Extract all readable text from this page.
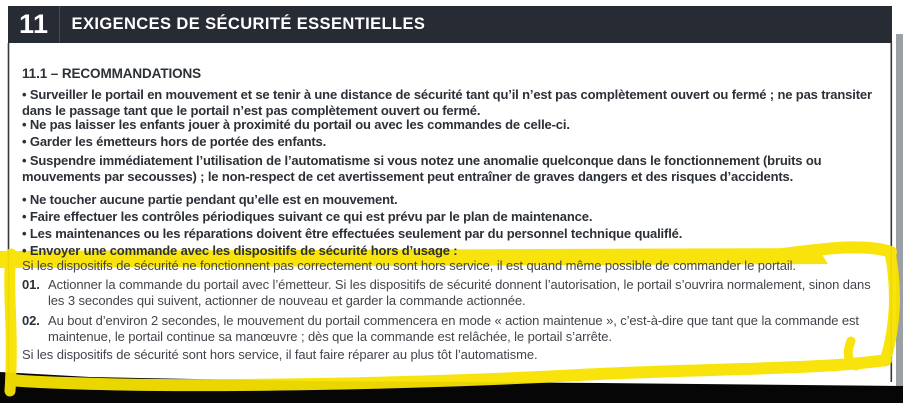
11 EXIGENCES DE SÉCURITÉ ESSENTIELLES
11.1 – RECOMMANDATIONS
• Surveiller le portail en mouvement et se tenir à une distance de sécurité tant qu’il n’est pas complètement ouvert ou fermé ; ne pas transiter dans le passage tant que le portail n’est pas complètement ouvert ou fermé.
• Ne pas laisser les enfants jouer à proximité du portail ou avec les commandes de celle-ci.
• Garder les émetteurs hors de portée des enfants.
• Suspendre immédiatement l’utilisation de l’automatisme si vous notez une anomalie quelconque dans le fonctionnement (bruits ou mouvements par secousses) ; le non-respect de cet avertissement peut entraîner de graves dangers et des risques d’accidents.
• Ne toucher aucune partie pendant qu’elle est en mouvement.
• Faire effectuer les contrôles périodiques suivant ce qui est prévu par le plan de maintenance.
• Les maintenances ou les réparations doivent être effectuées seulement par du personnel technique qualiflé.
• Envoyer une commande avec les dispositifs de sécurité hors d’usage :
Si les dispositifs de sécurité ne fonctionnent pas correctement ou sont hors service, il est quand même possible de commander le portail.
01. Actionner la commande du portail avec l’émetteur. Si les dispositifs de sécurité donnent l’autorisation, le portail s’ouvrira normalement, sinon dans les 3 secondes qui suivent, actionner de nouveau et garder la commande actionnée.
02. Au bout d’environ 2 secondes, le mouvement du portail commencera en mode « action maintenue », c’est-à-dire que tant que la commande est maintenue, le portail continue sa manœuvre ; dès que la commande est relâchée, le portail s’arrête.
Si les dispositifs de sécurité sont hors service, il faut faire réparer au plus tôt l’automatisme.
